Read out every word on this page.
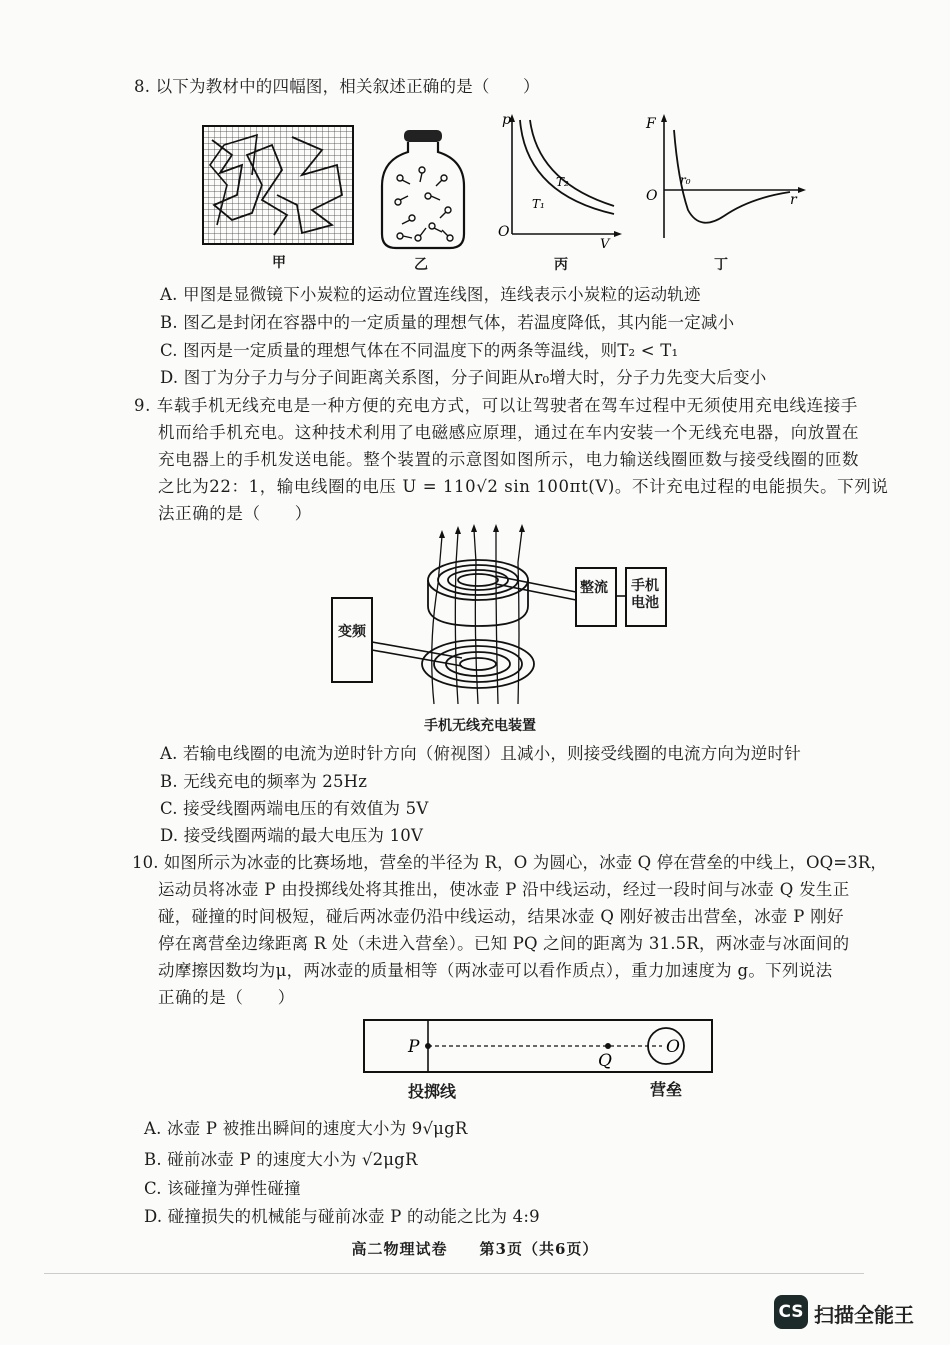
8. 以下为教材中的四幅图，相关叙述正确的是（　　）
甲	乙
p
V
O
T₁
T₂
丙
F
r
O
r₀
丁
A. 甲图是显微镜下小炭粒的运动位置连线图，连线表示小炭粒的运动轨迹
B. 图乙是封闭在容器中的一定质量的理想气体，若温度降低，其内能一定减小
C. 图丙是一定质量的理想气体在不同温度下的两条等温线，则T₂ < T₁
D. 图丁为分子力与分子间距离关系图，分子间距从r₀增大时，分子力先变大后变小
9. 车载手机无线充电是一种方便的充电方式，可以让驾驶者在驾车过程中无须使用充电线连接手
机而给手机充电。这种技术利用了电磁感应原理，通过在车内安装一个无线充电器，向放置在
充电器上的手机发送电能。整个装置的示意图如图所示，电力输送线圈匝数与接受线圈的匝数
之比为22：1，输电线圈的电压 U = 110√2 sin 100πt(V)。不计充电过程的电能损失。下列说
法正确的是（　　）
变频
整流 手机电池
手机无线充电装置
A. 若输电线圈的电流为逆时针方向（俯视图）且减小，则接受线圈的电流方向为逆时针
B. 无线充电的频率为 25Hz
C. 接受线圈两端电压的有效值为 5V
D. 接受线圈两端的最大电压为 10V
10. 如图所示为冰壶的比赛场地，营垒的半径为 R，O 为圆心，冰壶 Q 停在营垒的中线上，OQ=3R，
运动员将冰壶 P 由投掷线处将其推出，使冰壶 P 沿中线运动，经过一段时间与冰壶 Q 发生正
碰，碰撞的时间极短，碰后两冰壶仍沿中线运动，结果冰壶 Q 刚好被击出营垒，冰壶 P 刚好
停在离营垒边缘距离 R 处（未进入营垒）。已知 PQ 之间的距离为 31.5R，两冰壶与冰面间的
动摩擦因数均为μ，两冰壶的质量相等（两冰壶可以看作质点），重力加速度为 g。下列说法
正确的是（　　）
P
Q
O
投掷线	营垒
A. 冰壶 P 被推出瞬间的速度大小为 9√μgR
B. 碰前冰壶 P 的速度大小为 √2μgR
C. 该碰撞为弹性碰撞
D. 碰撞损失的机械能与碰前冰壶 P 的动能之比为 4:9
高二物理试卷　　第3页（共6页）
CS 扫描全能王
